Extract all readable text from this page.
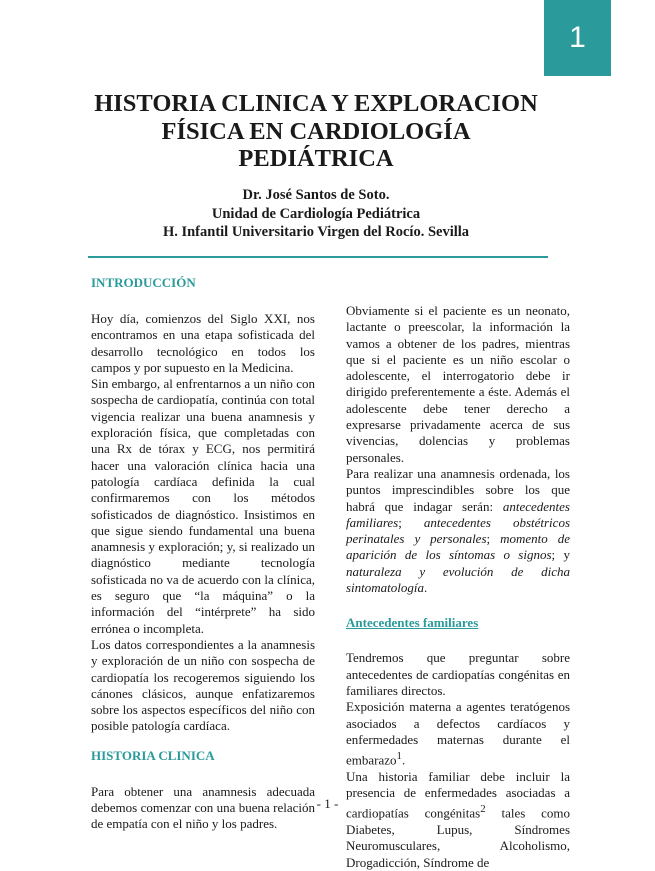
1
HISTORIA CLINICA Y EXPLORACION
FÍSICA EN CARDIOLOGÍA
PEDIÁTRICA
Dr. José Santos de Soto.
Unidad de Cardiología Pediátrica
H. Infantil Universitario Virgen del Rocío. Sevilla
INTRODUCCIÓN

Hoy día, comienzos del Siglo XXI, nos encontramos en una etapa sofisticada del desarrollo tecnológico en todos los campos y por supuesto en la Medicina.

Sin embargo, al enfrentarnos a un niño con sospecha de cardiopatía, continúa con total vigencia realizar una buena anamnesis y exploración física, que completadas con una Rx de tórax y ECG, nos permitirá hacer una valoración clínica hacia una patología cardíaca definida la cual confirmaremos con los métodos sofisticados de diagnóstico. Insistimos en que sigue siendo fundamental una buena anamnesis y exploración; y, si realizado un diagnóstico mediante tecnología sofisticada no va de acuerdo con la clínica, es seguro que “la máquina” o la información del “intérprete” ha sido errónea o incompleta.

Los datos correspondientes a la anamnesis y exploración de un niño con sospecha de cardiopatía los recogeremos siguiendo los cánones clásicos, aunque enfatizaremos sobre los aspectos específicos del niño con posible patología cardíaca.

HISTORIA CLINICA

Para obtener una anamnesis adecuada debemos comenzar con una buena relación de empatía con el niño y los padres.

Obviamente si el paciente es un neonato, lactante o preescolar, la información la vamos a obtener de los padres, mientras que si el paciente es un niño escolar o adolescente, el interrogatorio debe ir dirigido preferentemente a éste. Además el adolescente debe tener derecho a expresarse privadamente acerca de sus vivencias, dolencias y problemas personales.

Para realizar una anamnesis ordenada, los puntos imprescindibles sobre los que habrá que indagar serán: antecedentes familiares; antecedentes obstétricos perinatales y personales; momento de aparición de los síntomas o signos; y naturaleza y evolución de dicha sintomatología.

Antecedentes familiares

Tendremos que preguntar sobre antecedentes de cardiopatías congénitas en familiares directos.

Exposición materna a agentes teratógenos asociados a defectos cardíacos y enfermedades maternas durante el embarazo$^1$.

Una historia familiar debe incluir la presencia de enfermedades asociadas a cardiopatías congénitas$^2$ tales como Diabetes, Lupus, Síndromes Neuromusculares, Alcoholismo, Drogadicción, Síndrome de

- 1 -
